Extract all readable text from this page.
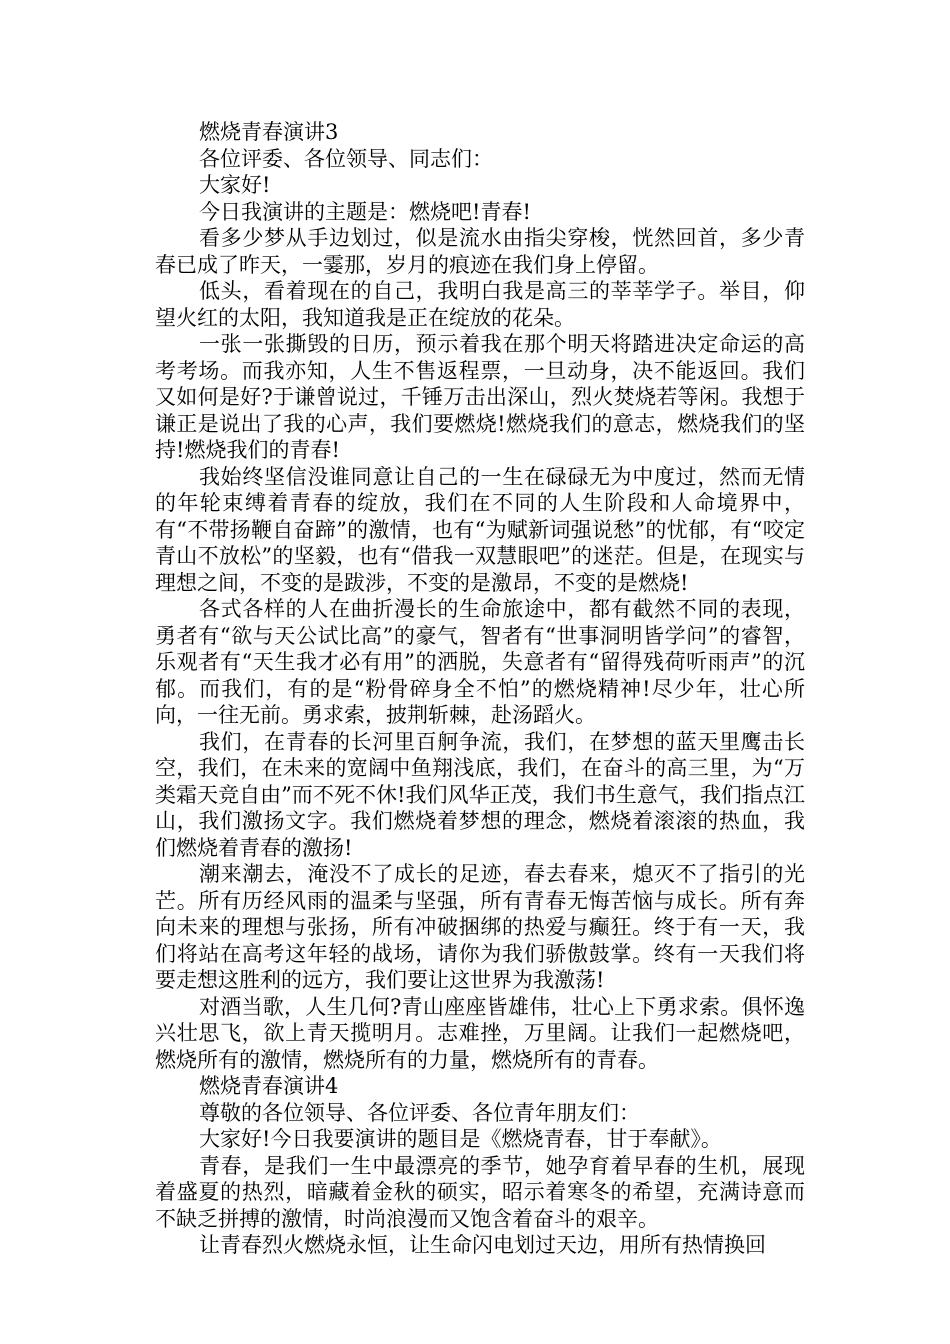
燃烧青春演讲3

各位评委、各位领导、同志们：

大家好!

今日我演讲的主题是：燃烧吧!青春!

看多少梦从手边划过，似是流水由指尖穿梭，恍然回首，多少青春已成了昨天，一霎那，岁月的痕迹在我们身上停留。

低头，看着现在的自己，我明白我是高三的莘莘学子。举目，仰望火红的太阳，我知道我是正在绽放的花朵。

一张一张撕毁的日历，预示着我在那个明天将踏进决定命运的高考考场。而我亦知，人生不售返程票，一旦动身，决不能返回。我们又如何是好?于谦曾说过，千锤万击出深山，烈火焚烧若等闲。我想于谦正是说出了我的心声，我们要燃烧!燃烧我们的意志，燃烧我们的坚持!燃烧我们的青春!

我始终坚信没谁同意让自己的一生在碌碌无为中度过，然而无情的年轮束缚着青春的绽放，我们在不同的人生阶段和人命境界中，有“不带扬鞭自奋蹄”的激情，也有“为赋新词强说愁”的忧郁，有“咬定青山不放松”的坚毅，也有“借我一双慧眼吧”的迷茫。但是，在现实与理想之间，不变的是跋涉，不变的是激昂，不变的是燃烧!

各式各样的人在曲折漫长的生命旅途中，都有截然不同的表现，勇者有“欲与天公试比高”的豪气，智者有“世事洞明皆学问”的睿智，乐观者有“天生我才必有用”的洒脱，失意者有“留得残荷听雨声”的沉郁。而我们，有的是“粉骨碎身全不怕”的燃烧精神!尽少年，壮心所向，一往无前。勇求索，披荆斩棘，赴汤蹈火。

我们，在青春的长河里百舸争流，我们，在梦想的蓝天里鹰击长空，我们，在未来的宽阔中鱼翔浅底，我们，在奋斗的高三里，为“万类霜天竞自由”而不死不休!我们风华正茂，我们书生意气，我们指点江山，我们激扬文字。我们燃烧着梦想的理念，燃烧着滚滚的热血，我们燃烧着青春的激扬!

潮来潮去，淹没不了成长的足迹，春去春来，熄灭不了指引的光芒。所有历经风雨的温柔与坚强，所有青春无悔苦恼与成长。所有奔向未来的理想与张扬，所有冲破捆绑的热爱与癫狂。终于有一天，我们将站在高考这年轻的战场，请你为我们骄傲鼓掌。终有一天我们将要走想这胜利的远方，我们要让这世界为我激荡!

对酒当歌，人生几何?青山座座皆雄伟，壮心上下勇求索。俱怀逸兴壮思飞，欲上青天揽明月。志难挫，万里阔。让我们一起燃烧吧，燃烧所有的激情，燃烧所有的力量，燃烧所有的青春。

燃烧青春演讲4

尊敬的各位领导、各位评委、各位青年朋友们：

大家好!今日我要演讲的题目是《燃烧青春，甘于奉献》。

青春，是我们一生中最漂亮的季节，她孕育着早春的生机，展现着盛夏的热烈，暗藏着金秋的硕实，昭示着寒冬的希望，充满诗意而不缺乏拼搏的激情，时尚浪漫而又饱含着奋斗的艰辛。

让青春烈火燃烧永恒，让生命闪电划过天边，用所有热情换回
